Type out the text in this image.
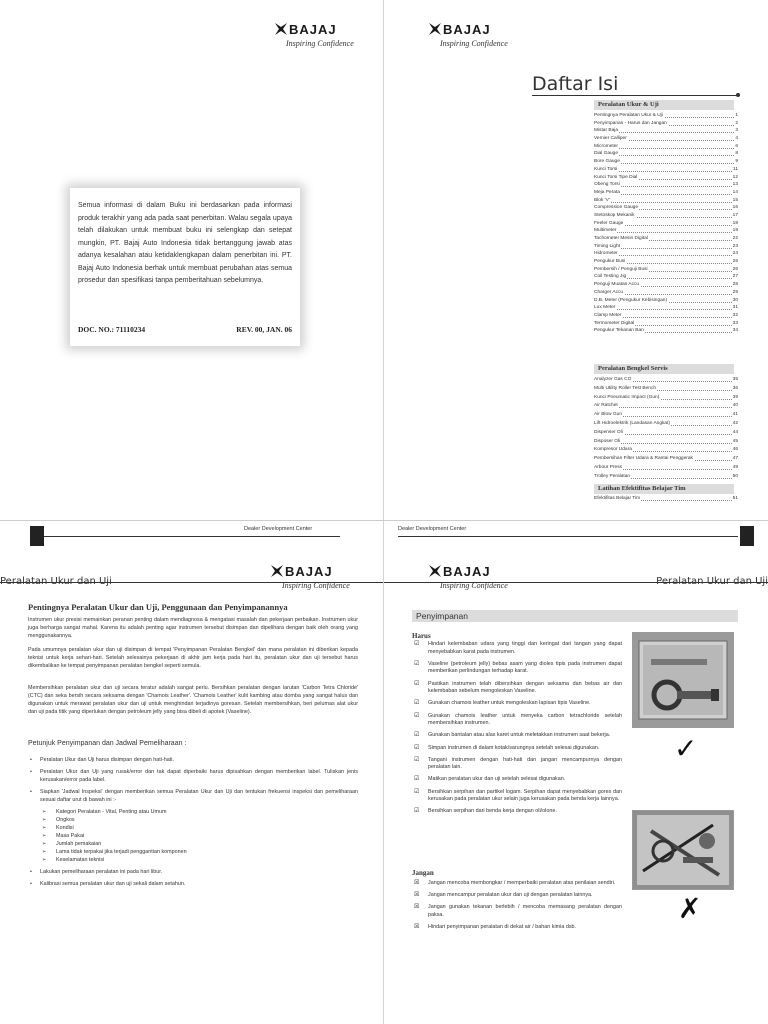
BAJAJ
Inspiring Confidence

Semua informasi di dalam Buku ini berdasarkan pada informasi produk terakhir yang ada pada saat penerbitan. Walau segala upaya telah dilakukan untuk membuat buku ini selengkap dan setepat mungkin, PT. Bajaj Auto Indonesia tidak bertanggung jawab atas adanya kesalahan atau ketidaklengkapan dalam penerbitan ini. PT. Bajaj Auto Indonesia berhak untuk membuat perubahan atas semua prosedur dan spesifikasi tanpa pemberitahuan sebelumnya.

DOC. NO.: 71110234	REV. 00, JAN. 06
BAJAJ
Inspiring Confidence
Daftar Isi
Peralatan Ukur & Uji
Pentingnya Peralatan Ukur & Uji	1
Penyimpanan - Harus dan Jangan	2
Mistar Baja	3
Vernier Calliper	4
Micrometer	6
Dial Gauge	8
Bore Gauge	9
Kunci Torsi	11
Kunci Torsi Tipe Dial	12
Obeng Torsi	13
Meja Perata	14
Blok 'V'	15
Compression Gauge	16
Stetoskop Mekanik	17
Feeler Gauge	18
Multimeter	19
Tachometer Mesin Digital	22
Timing Light	23
Hidrometer	24
Pengukur Busi	25
Pembersih / Penguji Busi	26
Coil Testing Jig	27
Penguji Muatan Accu	28
Charger Accu	29
D.B. Meter (Pengukur Kebisingan)	30
Lux Meter	31
Clamp Meter	32
Termometer Digital	33
Pengukur Tekanan Ban	34
Peralatan Bengkel Servis
Analyzer Gas CO	35
Multi Utility Roller Test Bench	36
Kunci Pneumatic Impact (Gun)	39
Air Ratchet	40
Air Blow Gun	41
Lift Hidroelektrik (Landasan Angkat)	42
Dispenser Oli	44
Disposer Oli	45
Kompresor Udara	46
Pembersihan Filter Udara & Rantai Penggerak	47
Arbour Press	49
Trolley Peralatan	50
Latihan Efektifitas Belajar Tim
Efektifitas Belajar Tim	51
Dealer Development Center
Peralatan Ukur dan Uji
BAJAJ
Inspiring Confidence
Pentingnya Peralatan Ukur dan Uji, Penggunaan dan Penyimpanannya
Instrumen ukur presisi memainkan peranan penting dalam mendiagnosa & mengatasi masalah dan pekerjaan perbaikan. Instrumen ukur juga berharga sangat mahal. Karena itu adalah penting agar instrumen tersebut disimpan dan dipelihara dengan baik oleh orang yang menggunakannya.
Pada umumnya peralatan ukur dan uji disimpan di tempat 'Penyimpanan Peralatan Bengkel' dan mana peralatan ini diberikan kepada teknisi untuk kerja sehari-hari. Setelah selesainya pekerjaan di akhir jam kerja pada hari itu, peralatan ukur dan uji tersebut harus dikembalikan ke tempat penyimpanan peralatan bengkel seperti semula.
Membersihkan peralatan ukur dan uji secara teratur adalah sangat perlu. Bersihkan peralatan dengan larutan 'Carbon Tetra Chloride' (CTC) dan seka bersih secara seksama dengan 'Chamois Leather'. 'Chamois Leather' kulit kambing atau domba yang sangat halus dan digunakan untuk merawat peralatan ukur dan uji untuk menghindari terjadinya goresan. Setelah membersihkan, beri pelumas alat ukur dan uji pada titik yang diperlukan dengan petroleum jelly yang bisa dibeli di apotek (Vaseline).
Petunjuk Penyimpanan dan Jadwal Pemeliharaan :
• Peralatan Ukur dan Uji harus disimpan dengan hati-hati.
• Peralatan Ukur dan Uji yang rusak/error dan tak dapat diperbaiki harus dipisahkan dengan memberikan label. Tuliskan jenis kerusakan/error pada label.
• Siapkan 'Jadwal Inspeksi' dengan memberikan semua Peralatan Ukur dan Uji dan tentukan frekuensi inspeksi dan pemeliharaan sesuai daftar urut di bawah ini :-
➢ Kategori Peralatan - Vital, Penting atau Umum
➢ Ongkos
➢ Kondisi
➢ Masa Pakai
➢ Jumlah pemakaian
➢ Lama tidak terpakai jika terjadi penggantian komponen
➢ Keselamatan teknisi
• Lakukan pemeliharaan peralatan ini pada hari libur.
• Kalibrasi semua peralatan ukur dan uji sekali dalam setahun.
Dealer Development Center
BAJAJ
Inspiring Confidence	Peralatan Ukur dan Uji
Penyimpanan
Harus
☑ Hindari kelembaban udara yang tinggi dan keringat dari tangan yang dapat menyebabkan karat pada instrumen.
☑ Vaseline (petroleum jelly) bebas asam yang dioles tipis pada instrumen dapat memberikan perlindungan terhadap karat.
☑ Pastikan instrumen telah dibersihkan dengan seksama dan bebas air dan kelembaban sebelum mengoleskan Vaseline.
☑ Gunakan chamois leather untuk mengoleskan lapisan tipis Vaseline.
☑ Gunakan chamois leather untuk menyeka carbon tetrachloride setelah membersihkan instrumen.
☑ Gunakan bantalan atau alas karet untuk meletakkan instrumen saat bekerja.
☑ Simpan instrumen di dalam kotak/sarungnya setelah selesai digunakan.
☑ Tangani instrumen dengan hati-hati dan jangan mencampurnya dengan peralatan lain.
☑ Matikan peralatan ukur dan uji setelah selesai digunakan.
☑ Bersihkan serpihan dan partikel logam. Serpihan dapat menyebabkan gores dan kerusakan pada peralatan ukur selain juga kerusakan pada benda kerja lainnya.
☑ Bersihkan serpihan dari benda kerja dengan oli/olone.
Jangan
☒ Jangan mencoba membongkar / memperbaiki peralatan atas penilaian sendiri.
☒ Jangan mencampur peralatan ukur dan uji dengan peralatan lainnya.
☒ Jangan gunakan tekanan berlebih / mencoba memasang peralatan dengan paksa.
☒ Hindari penyimpanan peralatan di dekat air / bahan kimia dsb.
✓
✗
